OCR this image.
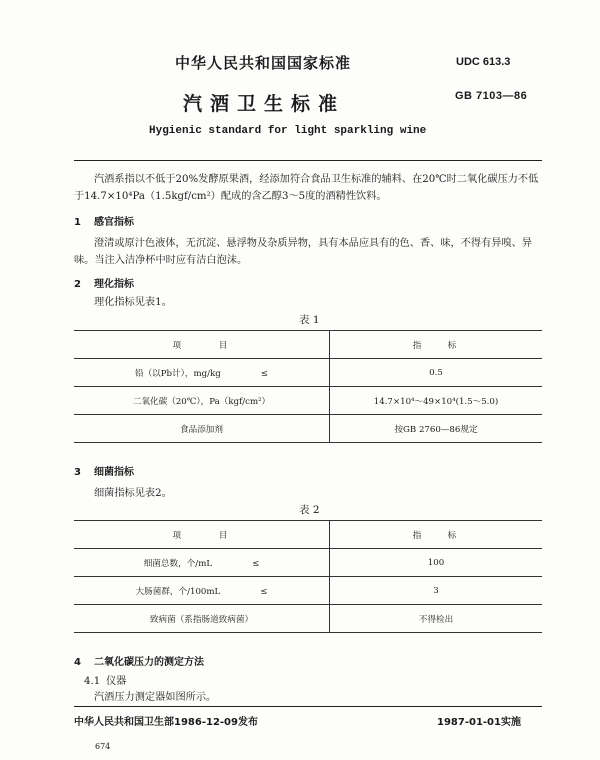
中华人民共和国国家标准	UDC 613.3
GB 7103—86
汽酒卫生标准
Hygienic standard for light sparkling wine
汽酒系指以不低于20%发酵原果酒，经添加符合食品卫生标准的辅料、在20℃时二氧化碳压力不低于14.7×10⁴Pa（1.5kgf/cm²）配成的含乙醇3～5度的酒精性饮料。
1 感官指标
澄清或原汁色液体，无沉淀、悬浮物及杂质异物，具有本品应具有的色、香、味，不得有异嗅、异味。当注入洁净杯中时应有洁白泡沫。
2 理化指标
理化指标见表1。
表 1
项　　　目	指　　标
铅（以Pb计），mg/kg ≤	0.5
二氧化碳（20℃），Pa（kgf/cm²）	14.7×10⁴～49×10⁴(1.5～5.0)
食品添加剂	按GB 2760—86规定
3 细菌指标
细菌指标见表2。
表 2
项　　　目	指　　标
细菌总数，个/mL ≤	100
大肠菌群，个/100mL ≤	3
致病菌（系指肠道致病菌）	不得检出
4 二氧化碳压力的测定方法
4.1 仪器
汽酒压力测定器如图所示。
中华人民共和国卫生部1986-12-09发布	1987-01-01实施
674
